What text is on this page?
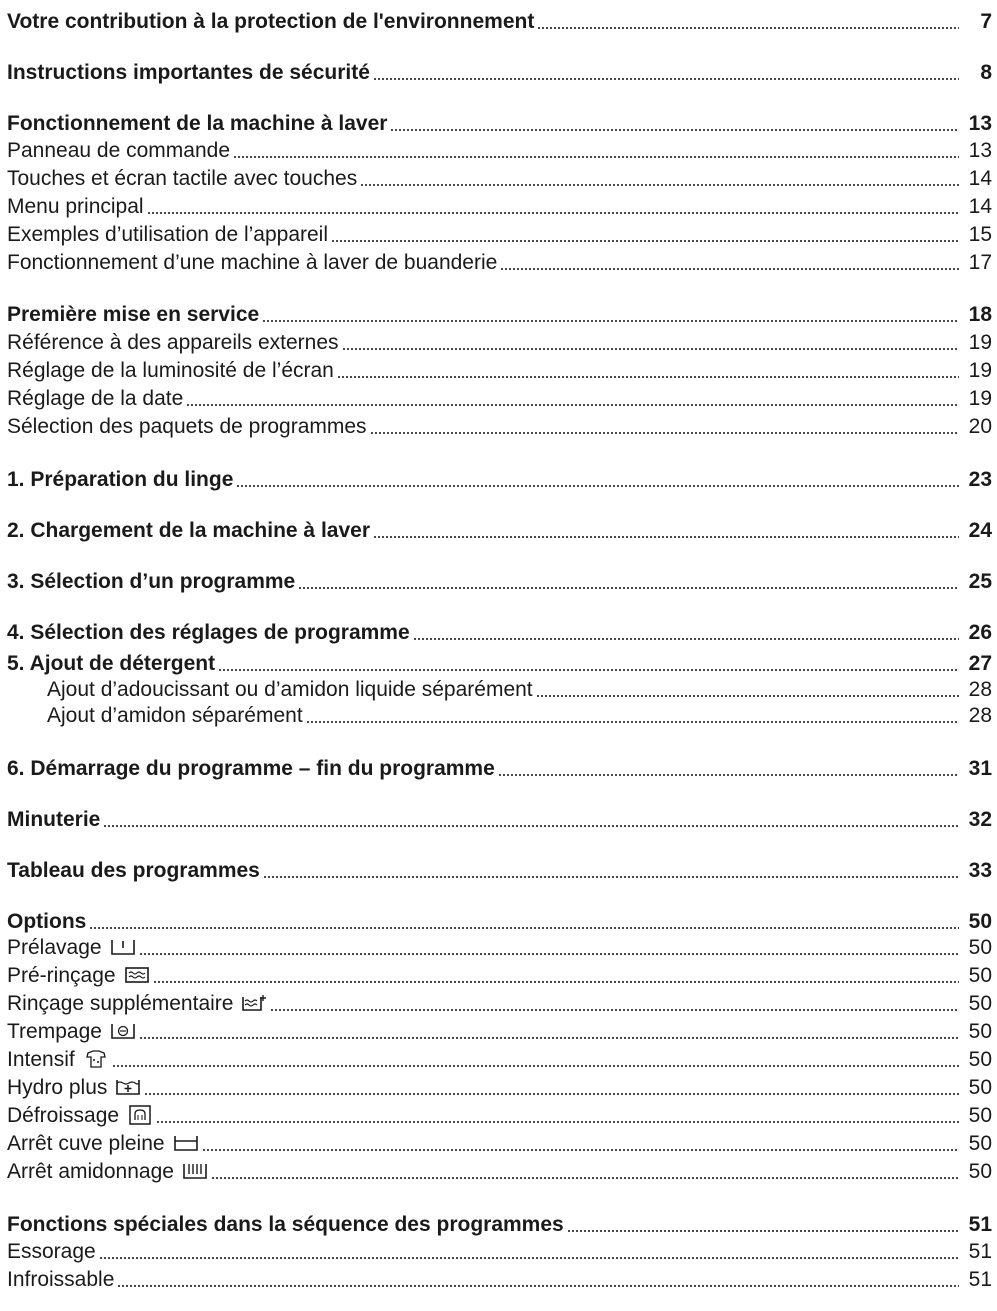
Votre contribution à la protection de l'environnement	7
Instructions importantes de sécurité	8
Fonctionnement de la machine à laver	13
Panneau de commande	13
Touches et écran tactile avec touches	14
Menu principal	14
Exemples d’utilisation de l’appareil	15
Fonctionnement d’une machine à laver de buanderie	17
Première mise en service	18
Référence à des appareils externes	19
Réglage de la luminosité de l’écran	19
Réglage de la date	19
Sélection des paquets de programmes	20
1. Préparation du linge	23
2. Chargement de la machine à laver	24
3. Sélection d’un programme	25
4. Sélection des réglages de programme	26
5. Ajout de détergent	27
Ajout d’adoucissant ou d’amidon liquide séparément	28
Ajout d’amidon séparément	28
6. Démarrage du programme – fin du programme	31
Minuterie	32
Tableau des programmes	33
Options	50
Prélavage	50
Pré-rinçage	50
Rinçage supplémentaire	50
Trempage	50
Intensif	50
Hydro plus	50
Défroissage	50
Arrêt cuve pleine	50
Arrêt amidonnage	50
Fonctions spéciales dans la séquence des programmes	51
Essorage	51
Infroissable	51
